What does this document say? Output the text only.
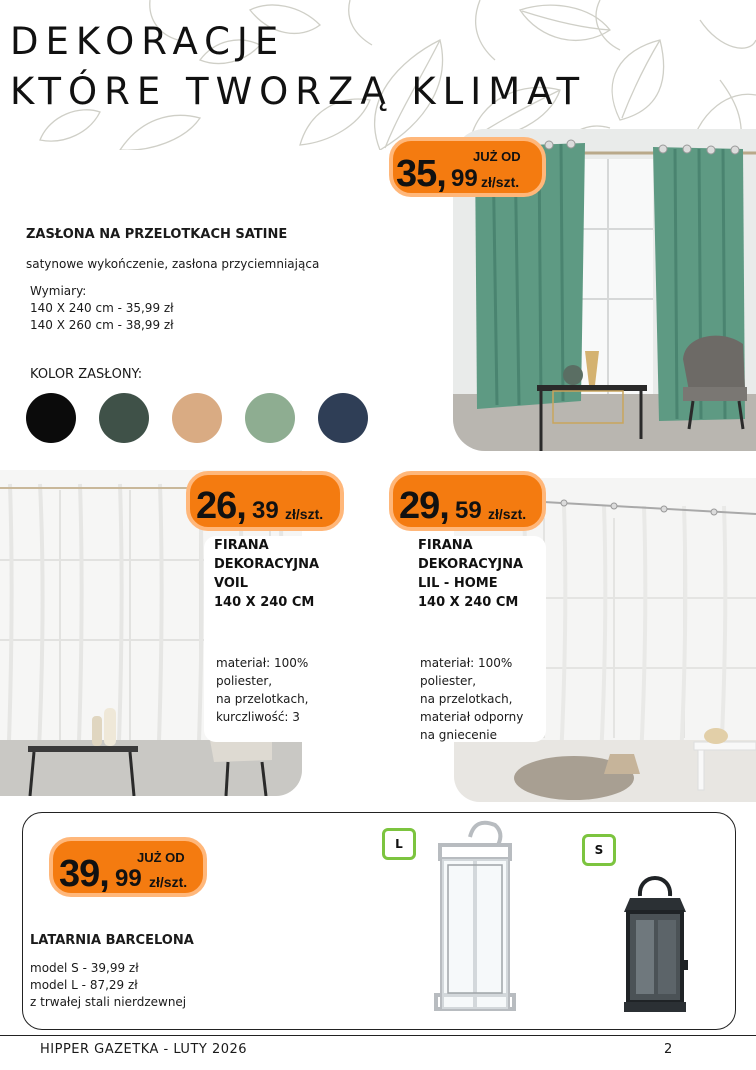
DEKORACJE
KTÓRE TWORZĄ KLIMAT
JUŻ OD
35, 99 zł/szt.
ZASŁONA NA PRZELOTKACH SATINE
satynowe wykończenie, zasłona przyciemniająca
Wymiary:
140 X 240 cm - 35,99 zł
140 X 260 cm - 38,99 zł
KOLOR ZASŁONY:
26, 39 zł/szt. 29, 59 zł/szt.
FIRANA
DEKORACYJNA
VOIL
140 X 240 CM
materiał: 100%
poliester,
na przelotkach,
kurczliwość: 3
FIRANA
DEKORACYJNA
LIL - HOME
140 X 240 CM
materiał: 100%
poliester,
na przelotkach,
materiał odporny
na gniecenie
JUŻ OD
39, 99 zł/szt.
LATARNIA BARCELONA
model S - 39,99 zł
model L - 87,29 zł
z trwałej stali nierdzewnej
L	S
HIPPER GAZETKA - LUTY 2026	2
